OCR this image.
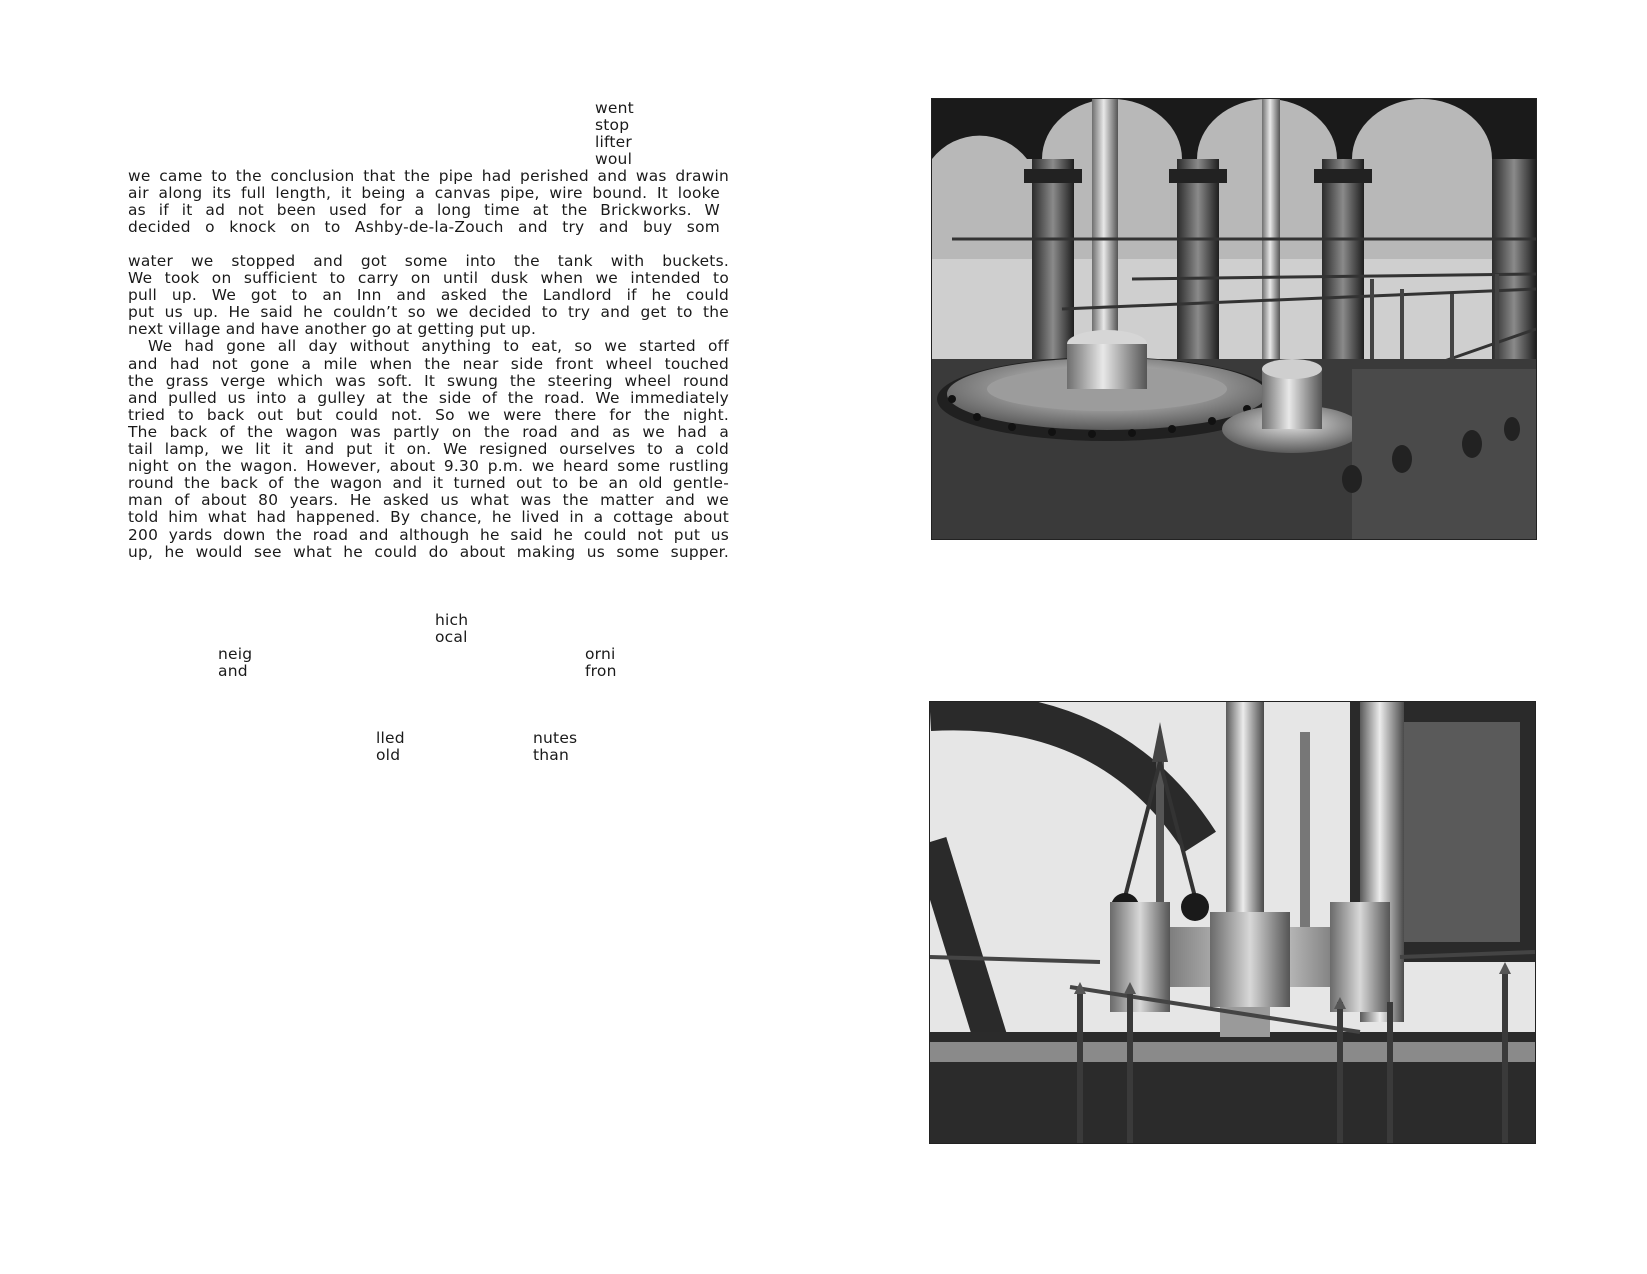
went
stop
lifter
woul
we came to the conclusion that the pipe had perished and was drawin
air along its full length, it being a canvas pipe, wire bound. It looke
as if it ad not been used for a long time at the Brickworks. W
decided o knock on to Ashby-de-la-Zouch and try and buy som
water we stopped and got some into the tank with buckets.
We took on sufficient to carry on until dusk when we intended to
pull up. We got to an Inn and asked the Landlord if he could
put us up. He said he couldn’t so we decided to try and get to the
next village and have another go at getting put up.
We had gone all day without anything to eat, so we started off
and had not gone a mile when the near side front wheel touched
the grass verge which was soft. It swung the steering wheel round
and pulled us into a gulley at the side of the road. We immediately
tried to back out but could not. So we were there for the night.
The back of the wagon was partly on the road and as we had a
tail lamp, we lit it and put it on. We resigned ourselves to a cold
night on the wagon. However, about 9.30 p.m. we heard some rustling
round the back of the wagon and it turned out to be an old gentle-
man of about 80 years. He asked us what was the matter and we
told him what had happened. By chance, he lived in a cottage about
200 yards down the road and although he said he could not put us
up, he would see what he could do about making us some supper.
hich
ocal
neig
and
orni
fron
lled
old
nutes
than
